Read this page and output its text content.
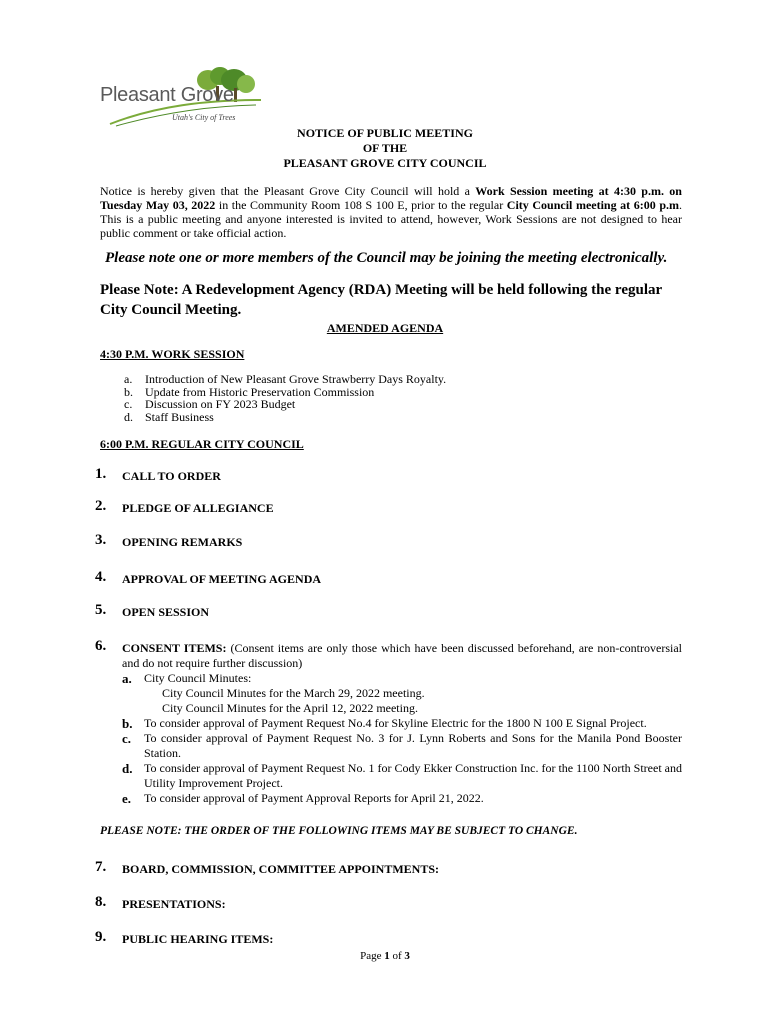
Pleasant Grove
Utah's City of Trees
NOTICE OF PUBLIC MEETING
OF THE
PLEASANT GROVE CITY COUNCIL
Notice is hereby given that the Pleasant Grove City Council will hold a Work Session meeting at 4:30 p.m. on Tuesday May 03, 2022 in the Community Room 108 S 100 E, prior to the regular City Council meeting at 6:00 p.m. This is a public meeting and anyone interested is invited to attend, however, Work Sessions are not designed to hear public comment or take official action.
Please note one or more members of the Council may be joining the meeting electronically.
Please Note: A Redevelopment Agency (RDA) Meeting will be held following the regular City Council Meeting.
AMENDED AGENDA
4:30 P.M. WORK SESSION
a.	Introduction of New Pleasant Grove Strawberry Days Royalty.
b.	Update from Historic Preservation Commission
c.	Discussion on FY 2023 Budget
d.	Staff Business
6:00 P.M. REGULAR CITY COUNCIL
1. CALL TO ORDER
2. PLEDGE OF ALLEGIANCE
3. OPENING REMARKS
4. APPROVAL OF MEETING AGENDA
5. OPEN SESSION
6. CONSENT ITEMS: (Consent items are only those which have been discussed beforehand, are non-controversial and do not require further discussion)
a.	City Council Minutes:
City Council Minutes for the March 29, 2022 meeting.
City Council Minutes for the April 12, 2022 meeting.
b. To consider approval of Payment Request No.4 for Skyline Electric for the 1800 N 100 E Signal Project.
c.	To consider approval of Payment Request No. 3 for J. Lynn Roberts and Sons for the Manila Pond Booster Station.
d. To consider approval of Payment Request No. 1 for Cody Ekker Construction Inc. for the 1100 North Street and Utility Improvement Project.
e.	To consider approval of Payment Approval Reports for April 21, 2022.
PLEASE NOTE: THE ORDER OF THE FOLLOWING ITEMS MAY BE SUBJECT TO CHANGE.
7. BOARD, COMMISSION, COMMITTEE APPOINTMENTS:
8. PRESENTATIONS:
9. PUBLIC HEARING ITEMS:
Page 1 of 3
